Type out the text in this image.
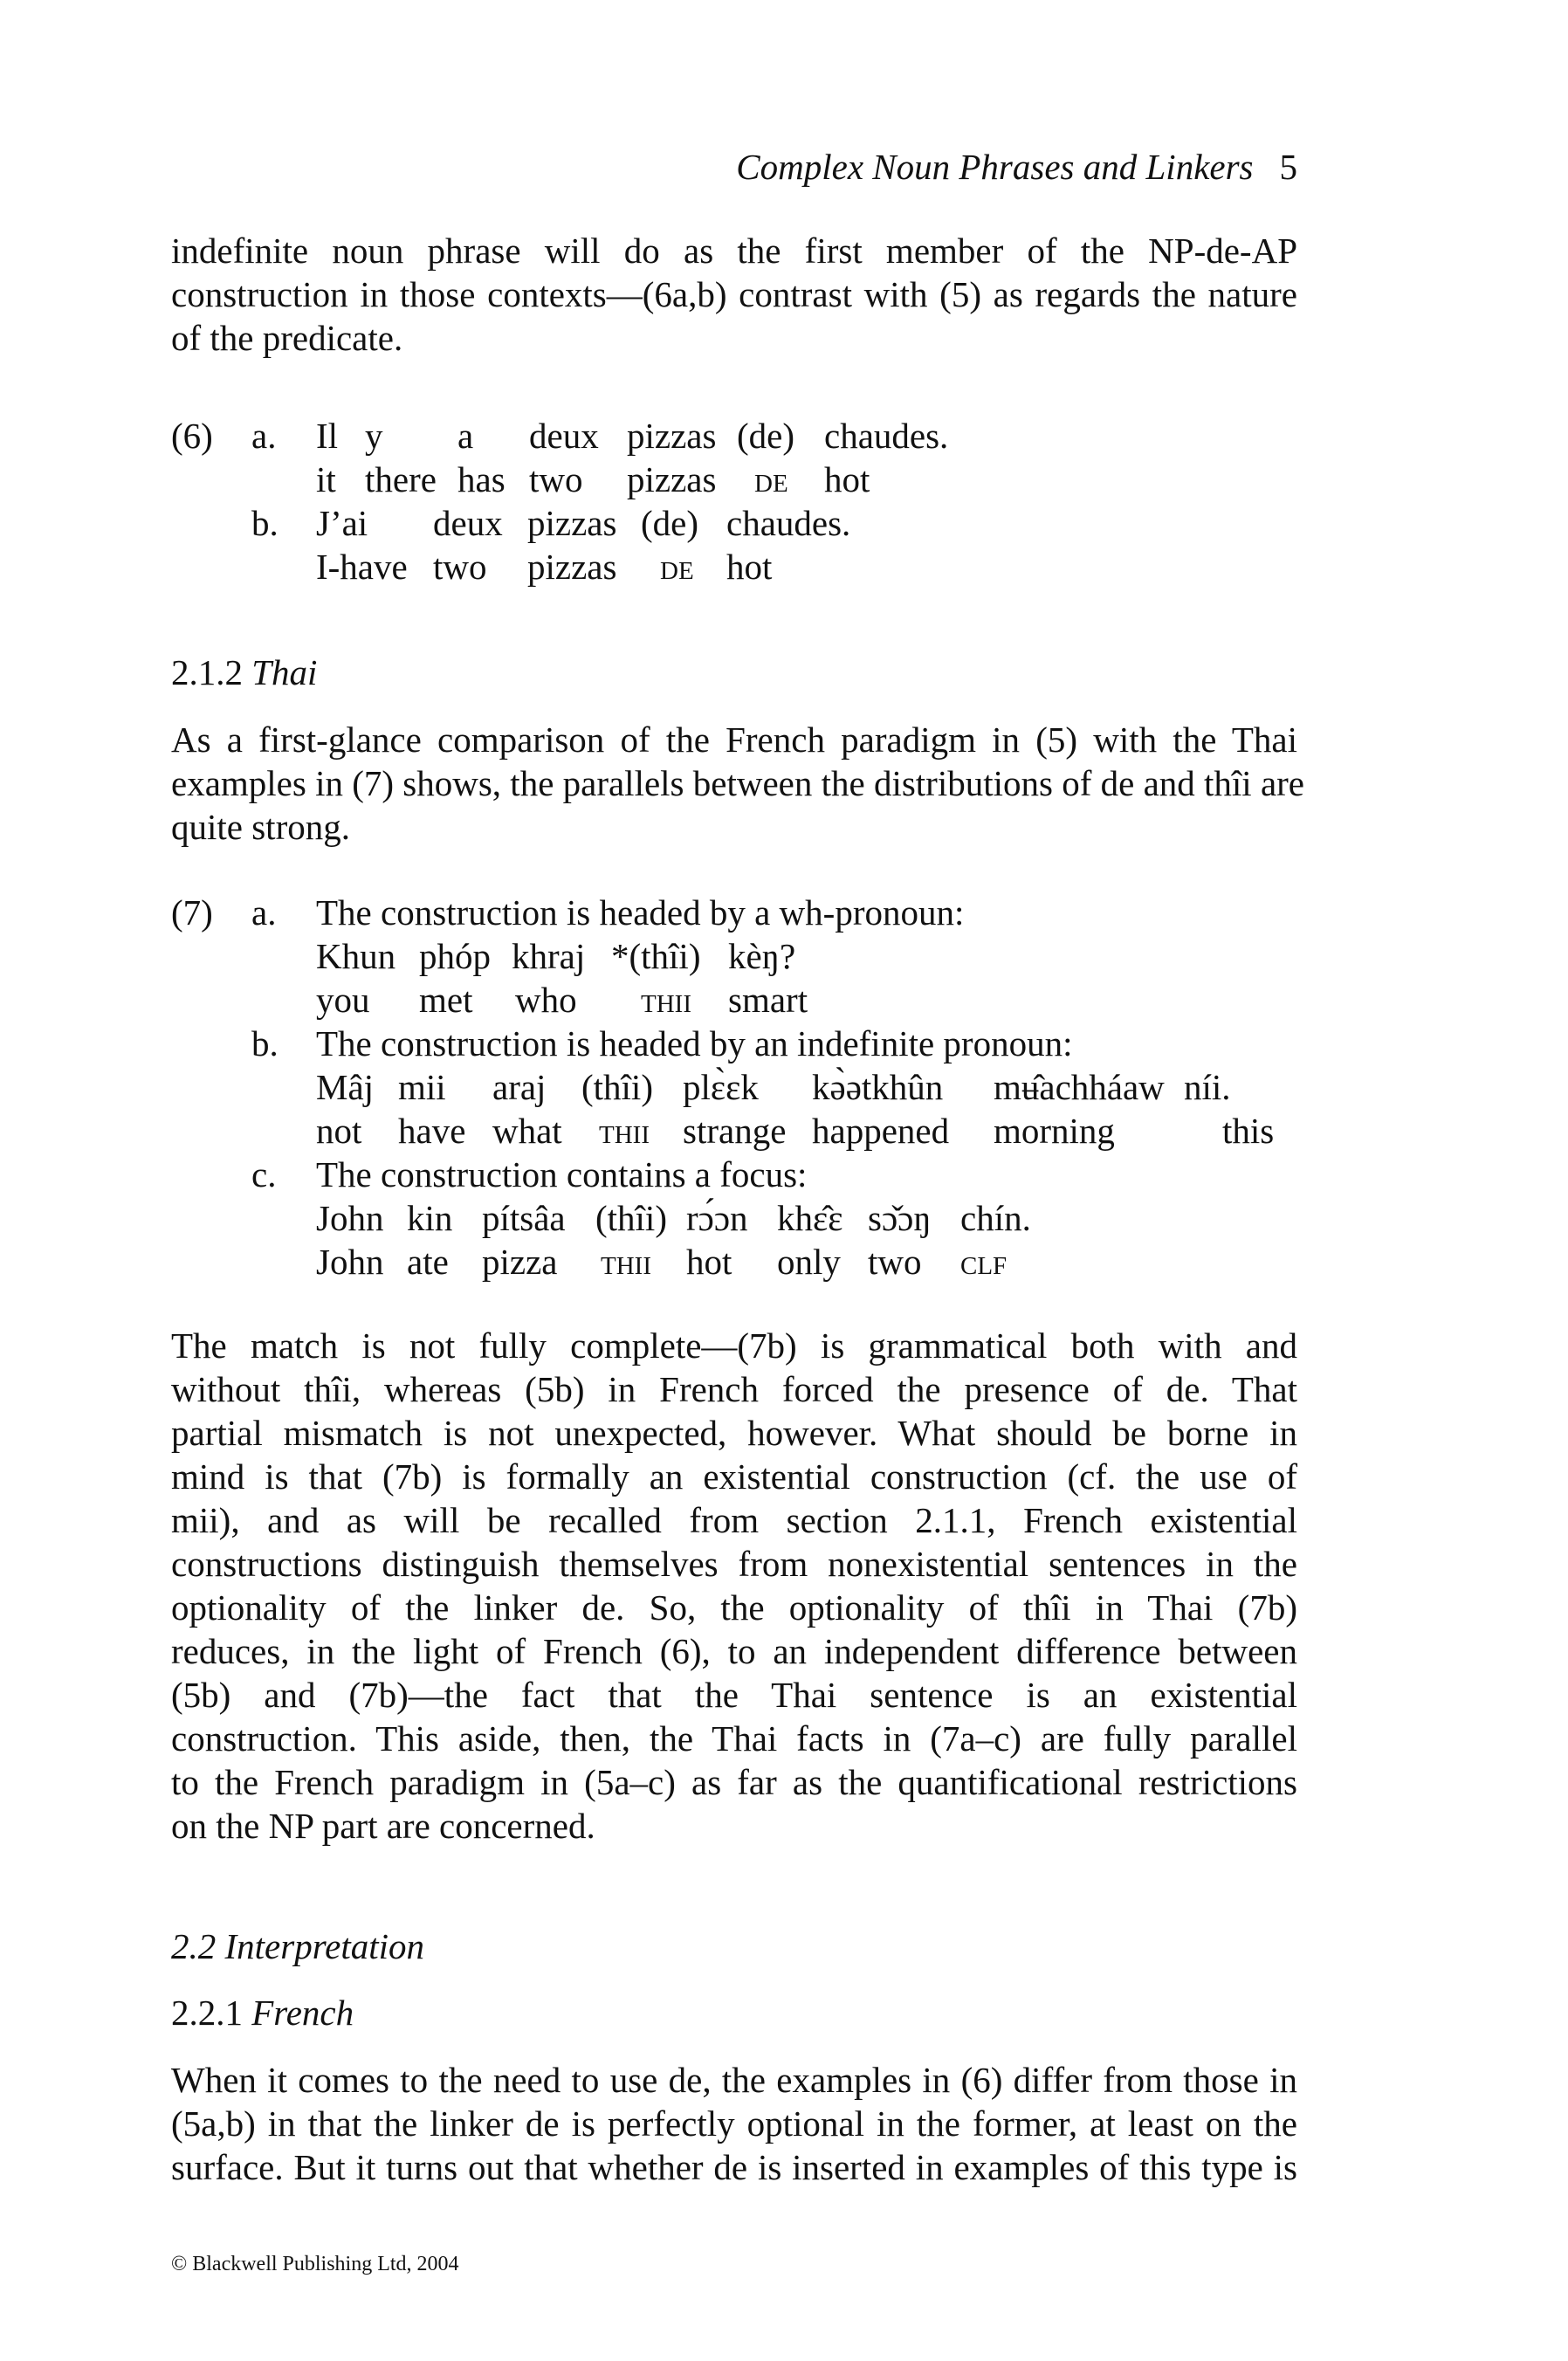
Complex Noun Phrases and Linkers 5
indefinite noun phrase will do as the first member of the NP-de-AP
construction in those contexts—(6a,b) contrast with (5) as regards the nature
of the predicate.
(6) a. Il y a deux pizzas (de) chaudes.
it there has two pizzas de hot
b. J’ai deux pizzas (de) chaudes.
I-have two pizzas de hot
2.1.2 Thai
As a first-glance comparison of the French paradigm in (5) with the Thai
examples in (7) shows, the parallels between the distributions of de and thîi are
quite strong.
(7) a. The construction is headed by a wh-pronoun:
Khun phóp khraj *(thîi) kèŋ?
you met who thii smart
b. The construction is headed by an indefinite pronoun:
Mâj mii araj (thîi) plɛ̀ɛk kə̀ətkhûn mʉ̂achháaw níi.
not have what thii strange happened morning	this
c. The construction contains a focus:
John kin pítsâa (thîi) rɔ́ɔn khɛ̂ɛ sɔ̌ɔŋ chín.
John ate pizza thii hot only two clf
The match is not fully complete—(7b) is grammatical both with and
without thîi, whereas (5b) in French forced the presence of de. That
partial mismatch is not unexpected, however. What should be borne in
mind is that (7b) is formally an existential construction (cf. the use of
mii), and as will be recalled from section 2.1.1, French existential
constructions distinguish themselves from nonexistential sentences in the
optionality of the linker de. So, the optionality of thîi in Thai (7b)
reduces, in the light of French (6), to an independent difference between
(5b) and (7b)—the fact that the Thai sentence is an existential
construction. This aside, then, the Thai facts in (7a–c) are fully parallel
to the French paradigm in (5a–c) as far as the quantificational restrictions
on the NP part are concerned.
2.2 Interpretation
2.2.1 French
When it comes to the need to use de, the examples in (6) differ from those in
(5a,b) in that the linker de is perfectly optional in the former, at least on the
surface. But it turns out that whether de is inserted in examples of this type is
© Blackwell Publishing Ltd, 2004
